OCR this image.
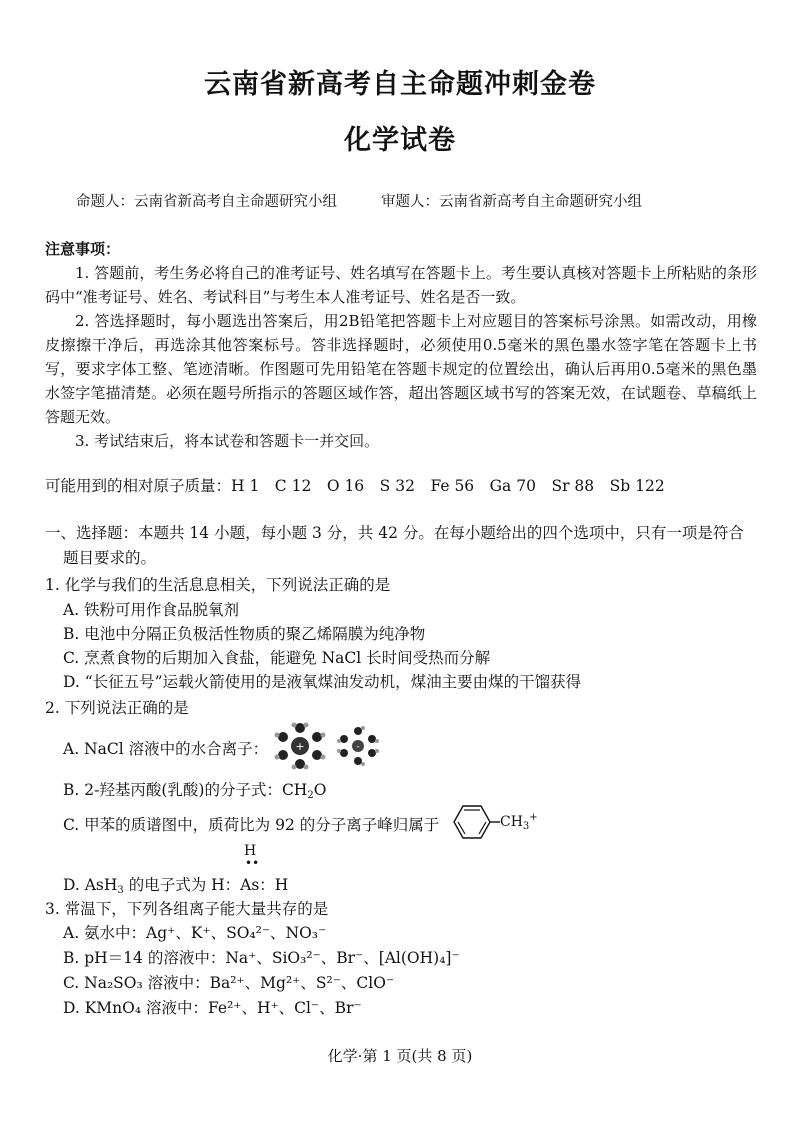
云南省新高考自主命题冲刺金卷
化学试卷
命题人：云南省新高考自主命题研究小组	审题人：云南省新高考自主命题研究小组
注意事项：
1. 答题前，考生务必将自己的准考证号、姓名填写在答题卡上。考生要认真核对答题卡上所粘贴的条形码中“准考证号、姓名、考试科目”与考生本人准考证号、姓名是否一致。
2. 答选择题时，每小题选出答案后，用2B铅笔把答题卡上对应题目的答案标号涂黑。如需改动，用橡皮擦擦干净后，再选涂其他答案标号。答非选择题时，必须使用0.5毫米的黑色墨水签字笔在答题卡上书写，要求字体工整、笔迹清晰。作图题可先用铅笔在答题卡规定的位置绘出，确认后再用0.5毫米的黑色墨水签字笔描清楚。必须在题号所指示的答题区域作答，超出答题区域书写的答案无效，在试题卷、草稿纸上答题无效。
3. 考试结束后，将本试卷和答题卡一并交回。
可能用到的相对原子质量：H 1　C 12　O 16　S 32　Fe 56　Ga 70　Sr 88　Sb 122
一、选择题：本题共 14 小题，每小题 3 分，共 42 分。在每小题给出的四个选项中，只有一项是符合
题目要求的。
1. 化学与我们的生活息息相关，下列说法正确的是
A. 铁粉可用作食品脱氧剂
B. 电池中分隔正负极活性物质的聚乙烯隔膜为纯净物
C. 烹煮食物的后期加入食盐，能避免 NaCl 长时间受热而分解
D. “长征五号”运载火箭使用的是液氧煤油发动机，煤油主要由煤的干馏获得
2. 下列说法正确的是
A. NaCl 溶液中的水合离子： +	-
B. 2-羟基丙酸(乳酸)的分子式：$CH_2O$
C. 甲苯的质谱图中，质荷比为 92 的分子离子峰归属于	$CH_3^+$
H
••
D. AsH$_3$ 的电子式为 H：As：H
3. 常温下，下列各组离子能大量共存的是
A. 氨水中：Ag⁺、K⁺、SO₄²⁻、NO₃⁻
B. pH＝14 的溶液中：Na⁺、SiO₃²⁻、Br⁻、[Al(OH)₄]⁻
C. Na₂SO₃ 溶液中：Ba²⁺、Mg²⁺、S²⁻、ClO⁻
D. KMnO₄ 溶液中：Fe²⁺、H⁺、Cl⁻、Br⁻
化学·第 1 页(共 8 页)
